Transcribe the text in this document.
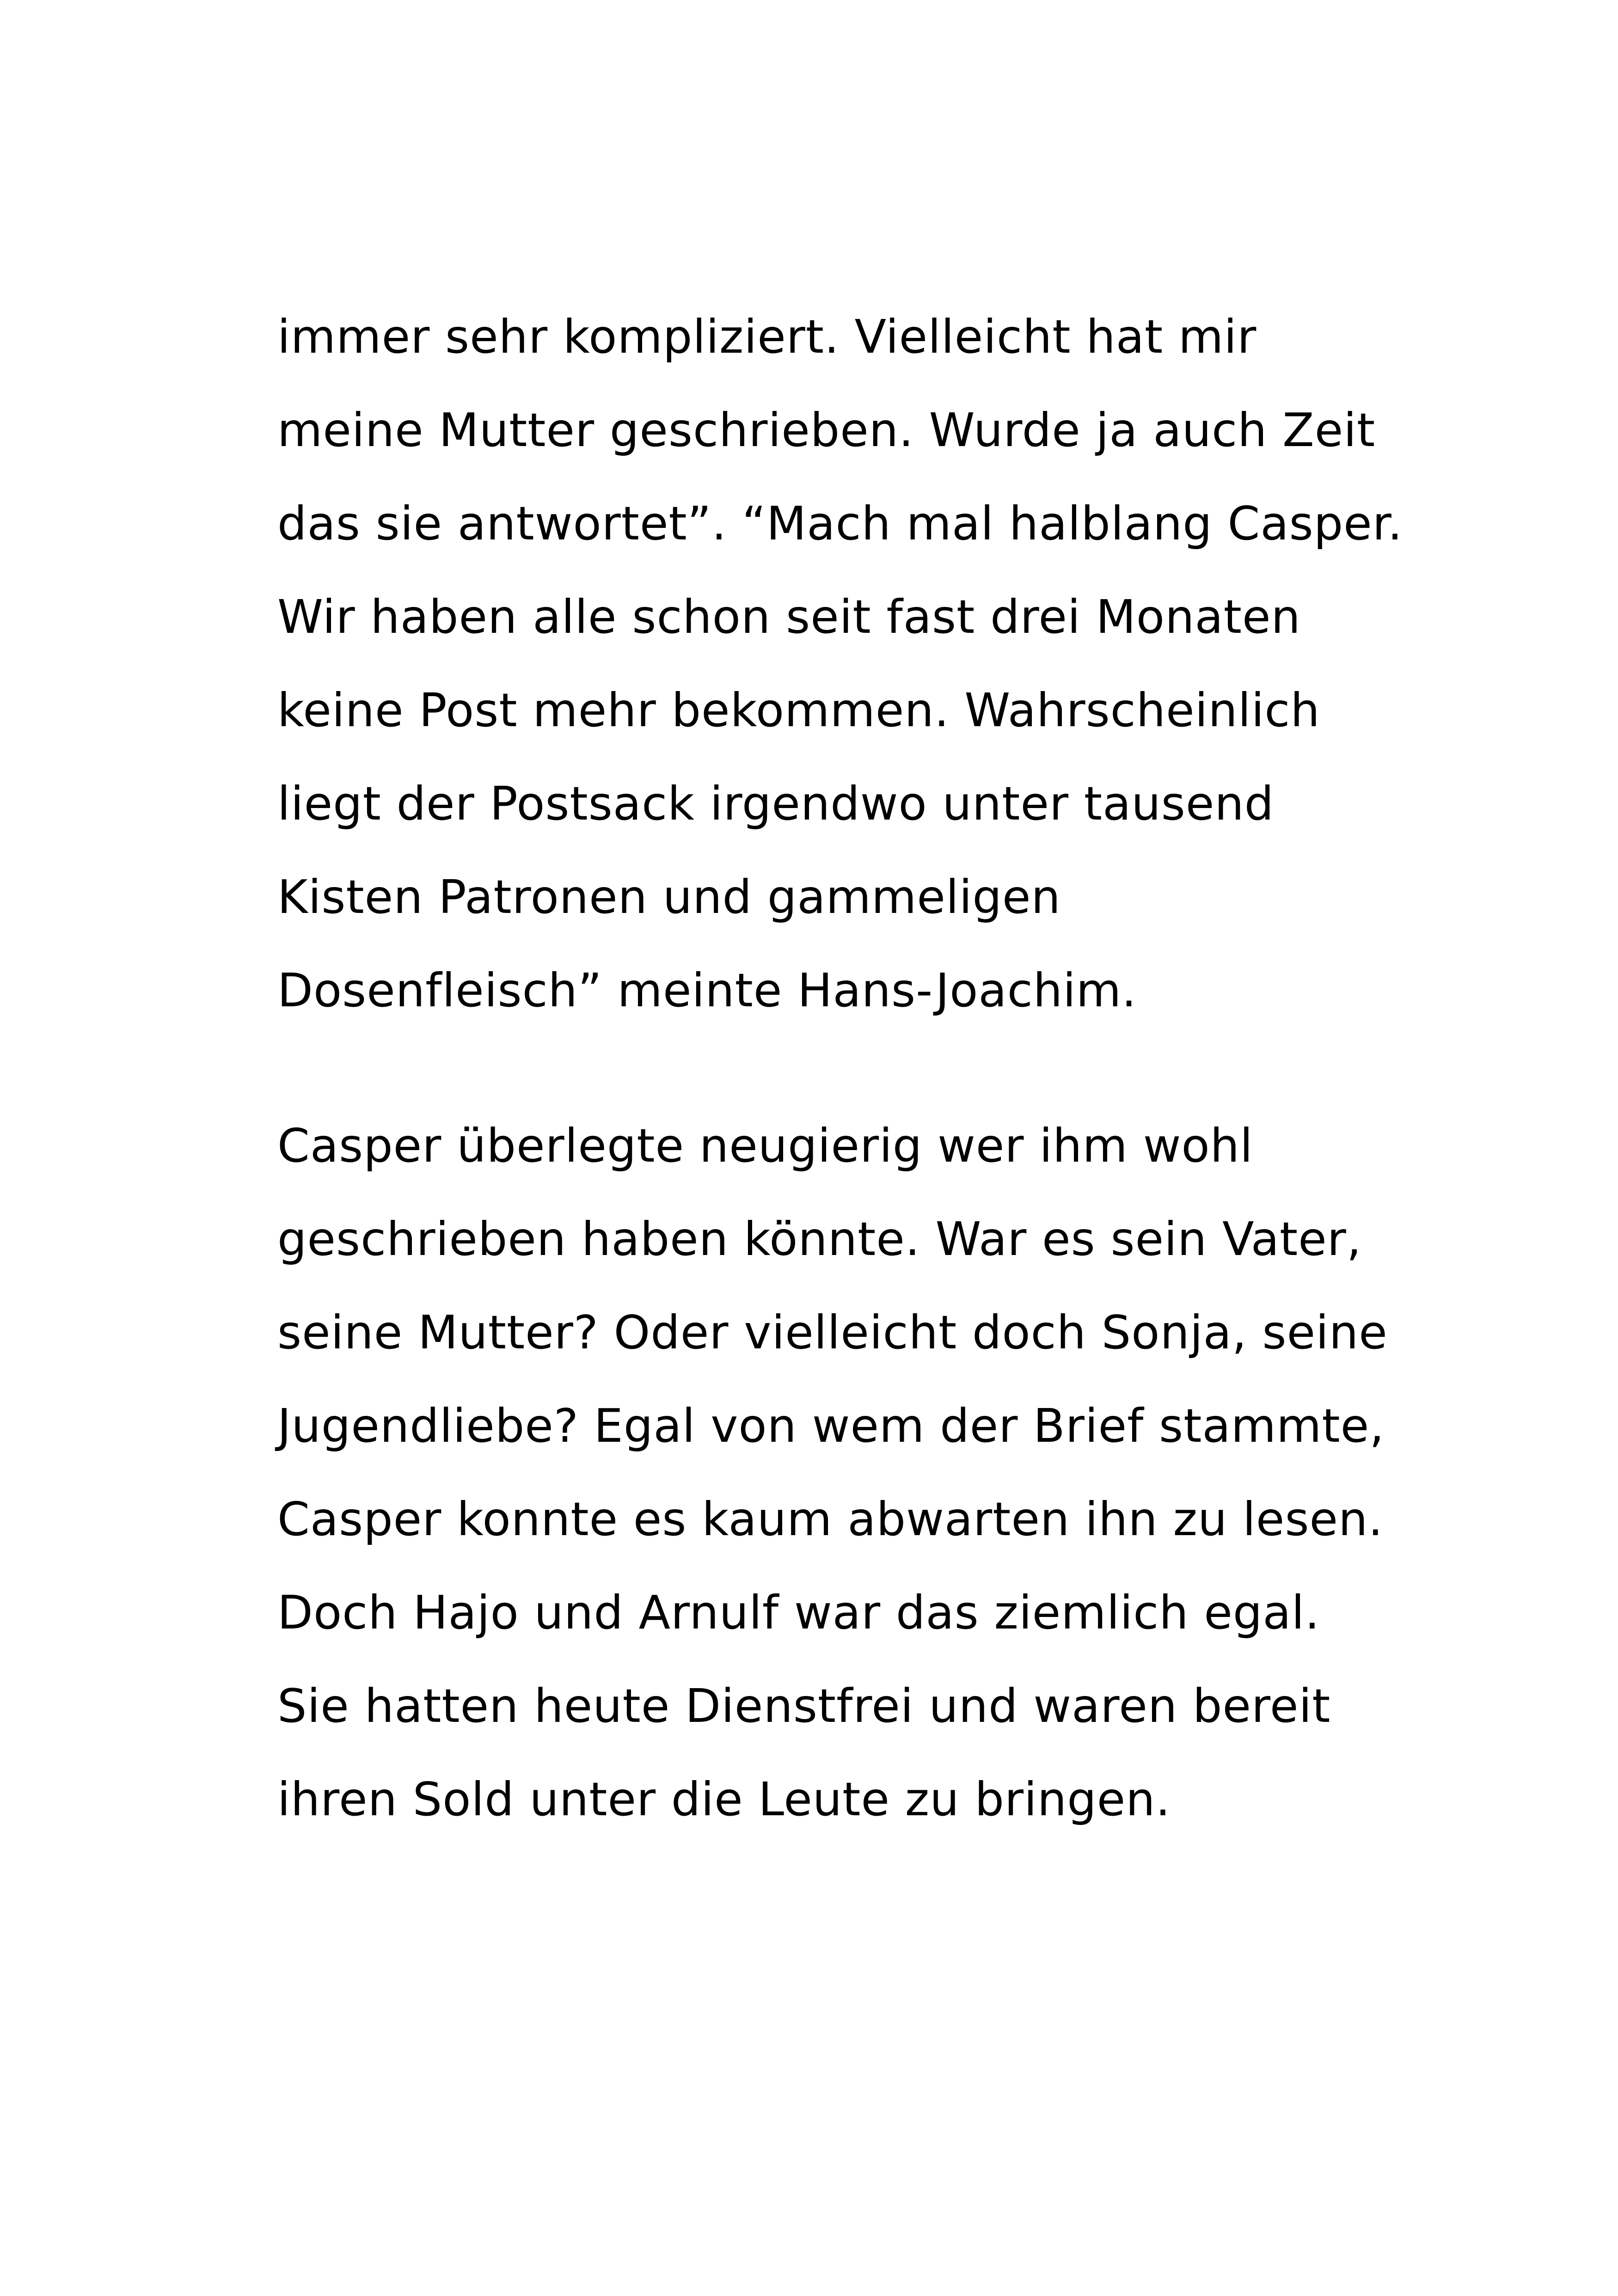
immer sehr kompliziert. Vielleicht hat mir
meine Mutter geschrieben. Wurde ja auch Zeit
das sie antwortet”. “Mach mal halblang Casper.
Wir haben alle schon seit fast drei Monaten
keine Post mehr bekommen. Wahrscheinlich
liegt der Postsack irgendwo unter tausend
Kisten Patronen und gammeligen
Dosenfleisch” meinte Hans-Joachim.
Casper überlegte neugierig wer ihm wohl
geschrieben haben könnte. War es sein Vater,
seine Mutter? Oder vielleicht doch Sonja, seine
Jugendliebe? Egal von wem der Brief stammte,
Casper konnte es kaum abwarten ihn zu lesen.
Doch Hajo und Arnulf war das ziemlich egal.
Sie hatten heute Dienstfrei und waren bereit
ihren Sold unter die Leute zu bringen.
